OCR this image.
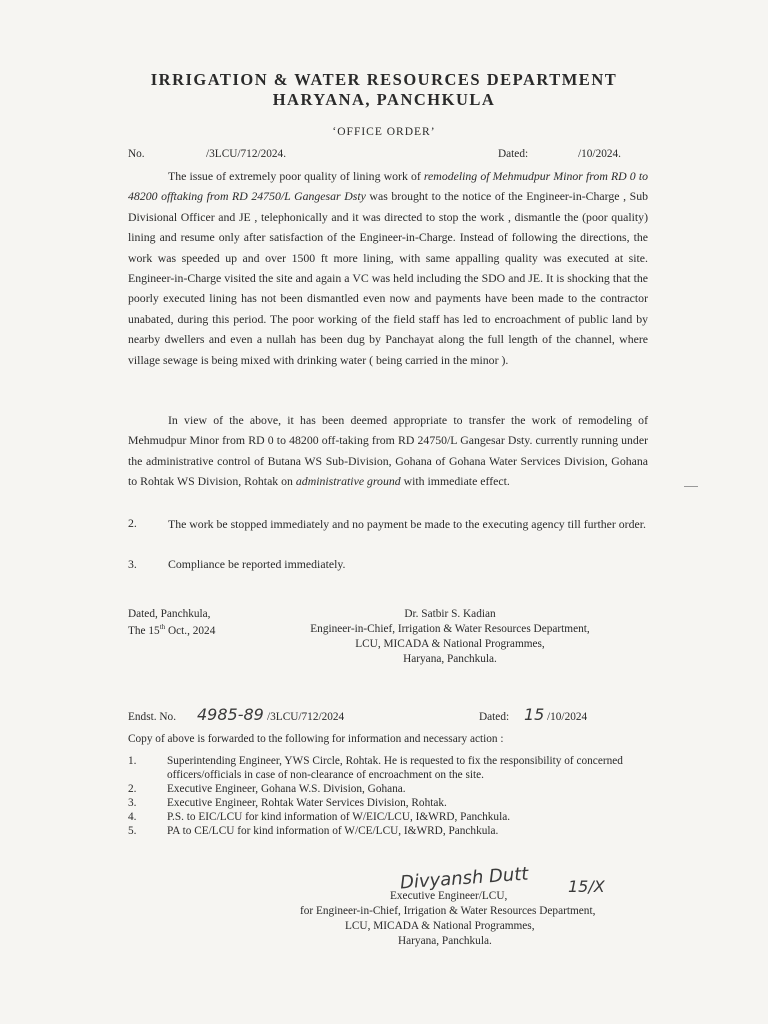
IRRIGATION & WATER RESOURCES DEPARTMENT
HARYANA, PANCHKULA
‘OFFICE ORDER’
No.	/3LCU/712/2024.	Dated:	/10/2024.
The issue of extremely poor quality of lining work of remodeling of Mehmudpur Minor from RD 0 to 48200 offtaking from RD 24750/L Gangesar Dsty was brought to the notice of the Engineer-in-Charge , Sub Divisional Officer and JE , telephonically and it was directed to stop the work , dismantle the (poor quality) lining and resume only after satisfaction of the Engineer-in-Charge. Instead of following the directions, the work was speeded up and over 1500 ft more lining, with same appalling quality was executed at site. Engineer-in-Charge visited the site and again a VC was held including the SDO and JE. It is shocking that the poorly executed lining has not been dismantled even now and payments have been made to the contractor unabated, during this period. The poor working of the field staff has led to encroachment of public land by nearby dwellers and even a nullah has been dug by Panchayat along the full length of the channel, where village sewage is being mixed with drinking water ( being carried in the minor ).
In view of the above, it has been deemed appropriate to transfer the work of remodeling of Mehmudpur Minor from RD 0 to 48200 off-taking from RD 24750/L Gangesar Dsty. currently running under the administrative control of Butana WS Sub-Division, Gohana of Gohana Water Services Division, Gohana to Rohtak WS Division, Rohtak on administrative ground with immediate effect.
2.	The work be stopped immediately and no payment be made to the executing agency till further order.
3.	Compliance be reported immediately.
Dated, Panchkula,
The 15th Oct., 2024
Dr. Satbir S. Kadian
Engineer-in-Chief, Irrigation & Water Resources Department,
LCU, MICADA & National Programmes,
Haryana, Panchkula.
Endst. No. 4985-89 /3LCU/712/2024	Dated: 15 /10/2024
Copy of above is forwarded to the following for information and necessary action :
1.	Superintending Engineer, YWS Circle, Rohtak. He is requested to fix the responsibility of concerned officers/officials in case of non-clearance of encroachment on the site.
2.	Executive Engineer, Gohana W.S. Division, Gohana.
3.	Executive Engineer, Rohtak Water Services Division, Rohtak.
4.	P.S. to EIC/LCU for kind information of W/EIC/LCU, I&WRD, Panchkula.
5.	PA to CE/LCU for kind information of W/CE/LCU, I&WRD, Panchkula.
Divyansh Dutt 15/X
Executive Engineer/LCU,
for Engineer-in-Chief, Irrigation & Water Resources Department,
LCU, MICADA & National Programmes,
Haryana, Panchkula.
